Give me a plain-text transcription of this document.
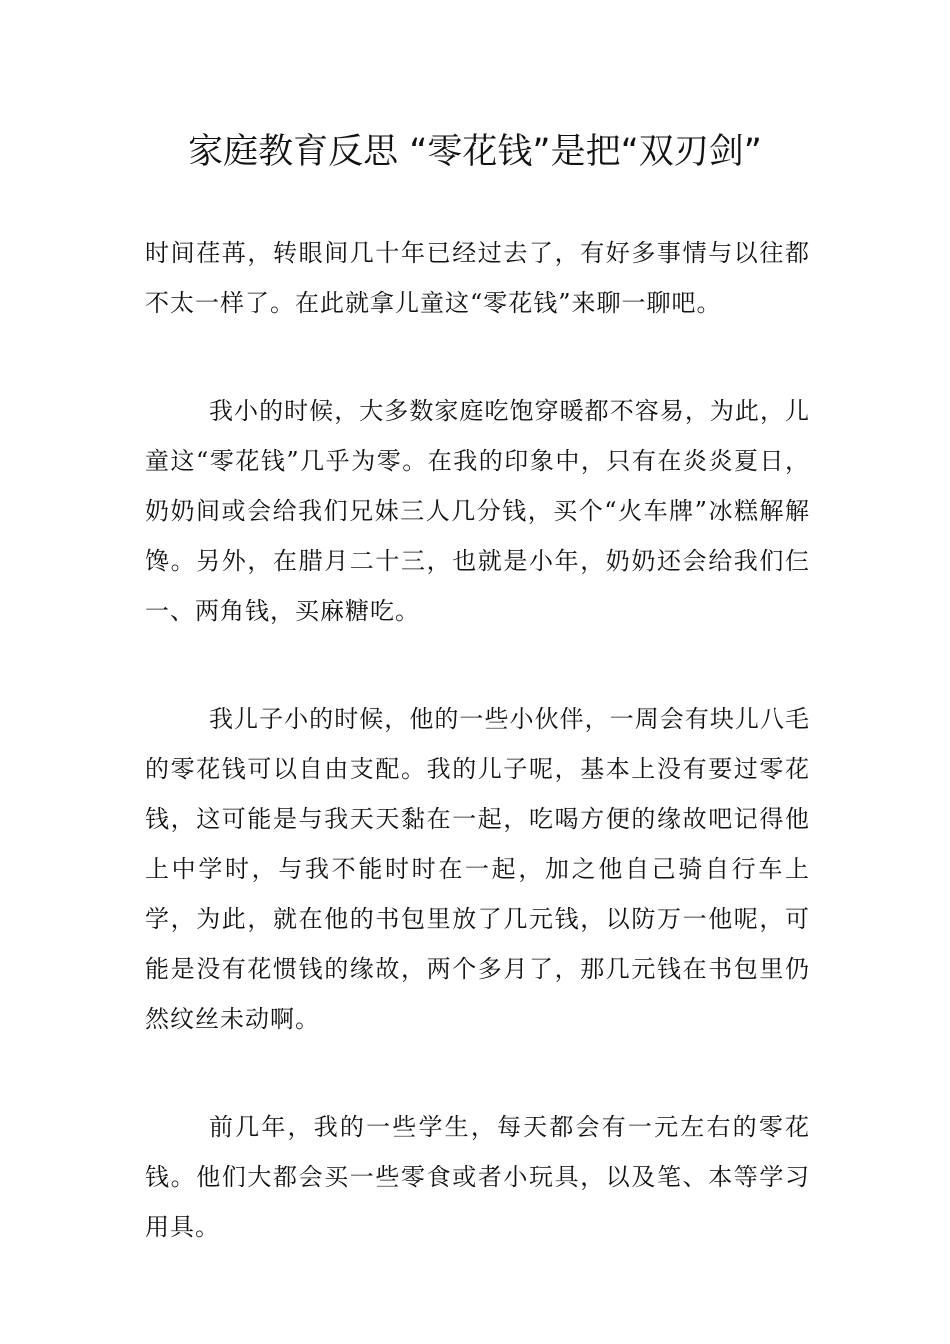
家庭教育反思 “零花钱”是把“双刃剑”

时间荏苒，转眼间几十年已经过去了，有好多事情与以往都不太一样了。在此就拿儿童这“零花钱”来聊一聊吧。

我小的时候，大多数家庭吃饱穿暖都不容易，为此，儿童这“零花钱”几乎为零。在我的印象中，只有在炎炎夏日，奶奶间或会给我们兄妹三人几分钱，买个“火车牌”冰糕解解馋。另外，在腊月二十三，也就是小年，奶奶还会给我们仨一、两角钱，买麻糖吃。

我儿子小的时候，他的一些小伙伴，一周会有块儿八毛的零花钱可以自由支配。我的儿子呢，基本上没有要过零花钱，这可能是与我天天黏在一起，吃喝方便的缘故吧记得他上中学时，与我不能时时在一起，加之他自己骑自行车上学，为此，就在他的书包里放了几元钱，以防万一他呢，可能是没有花惯钱的缘故，两个多月了，那几元钱在书包里仍然纹丝未动啊。

前几年，我的一些学生，每天都会有一元左右的零花钱。他们大都会买一些零食或者小玩具，以及笔、本等学习用具。
